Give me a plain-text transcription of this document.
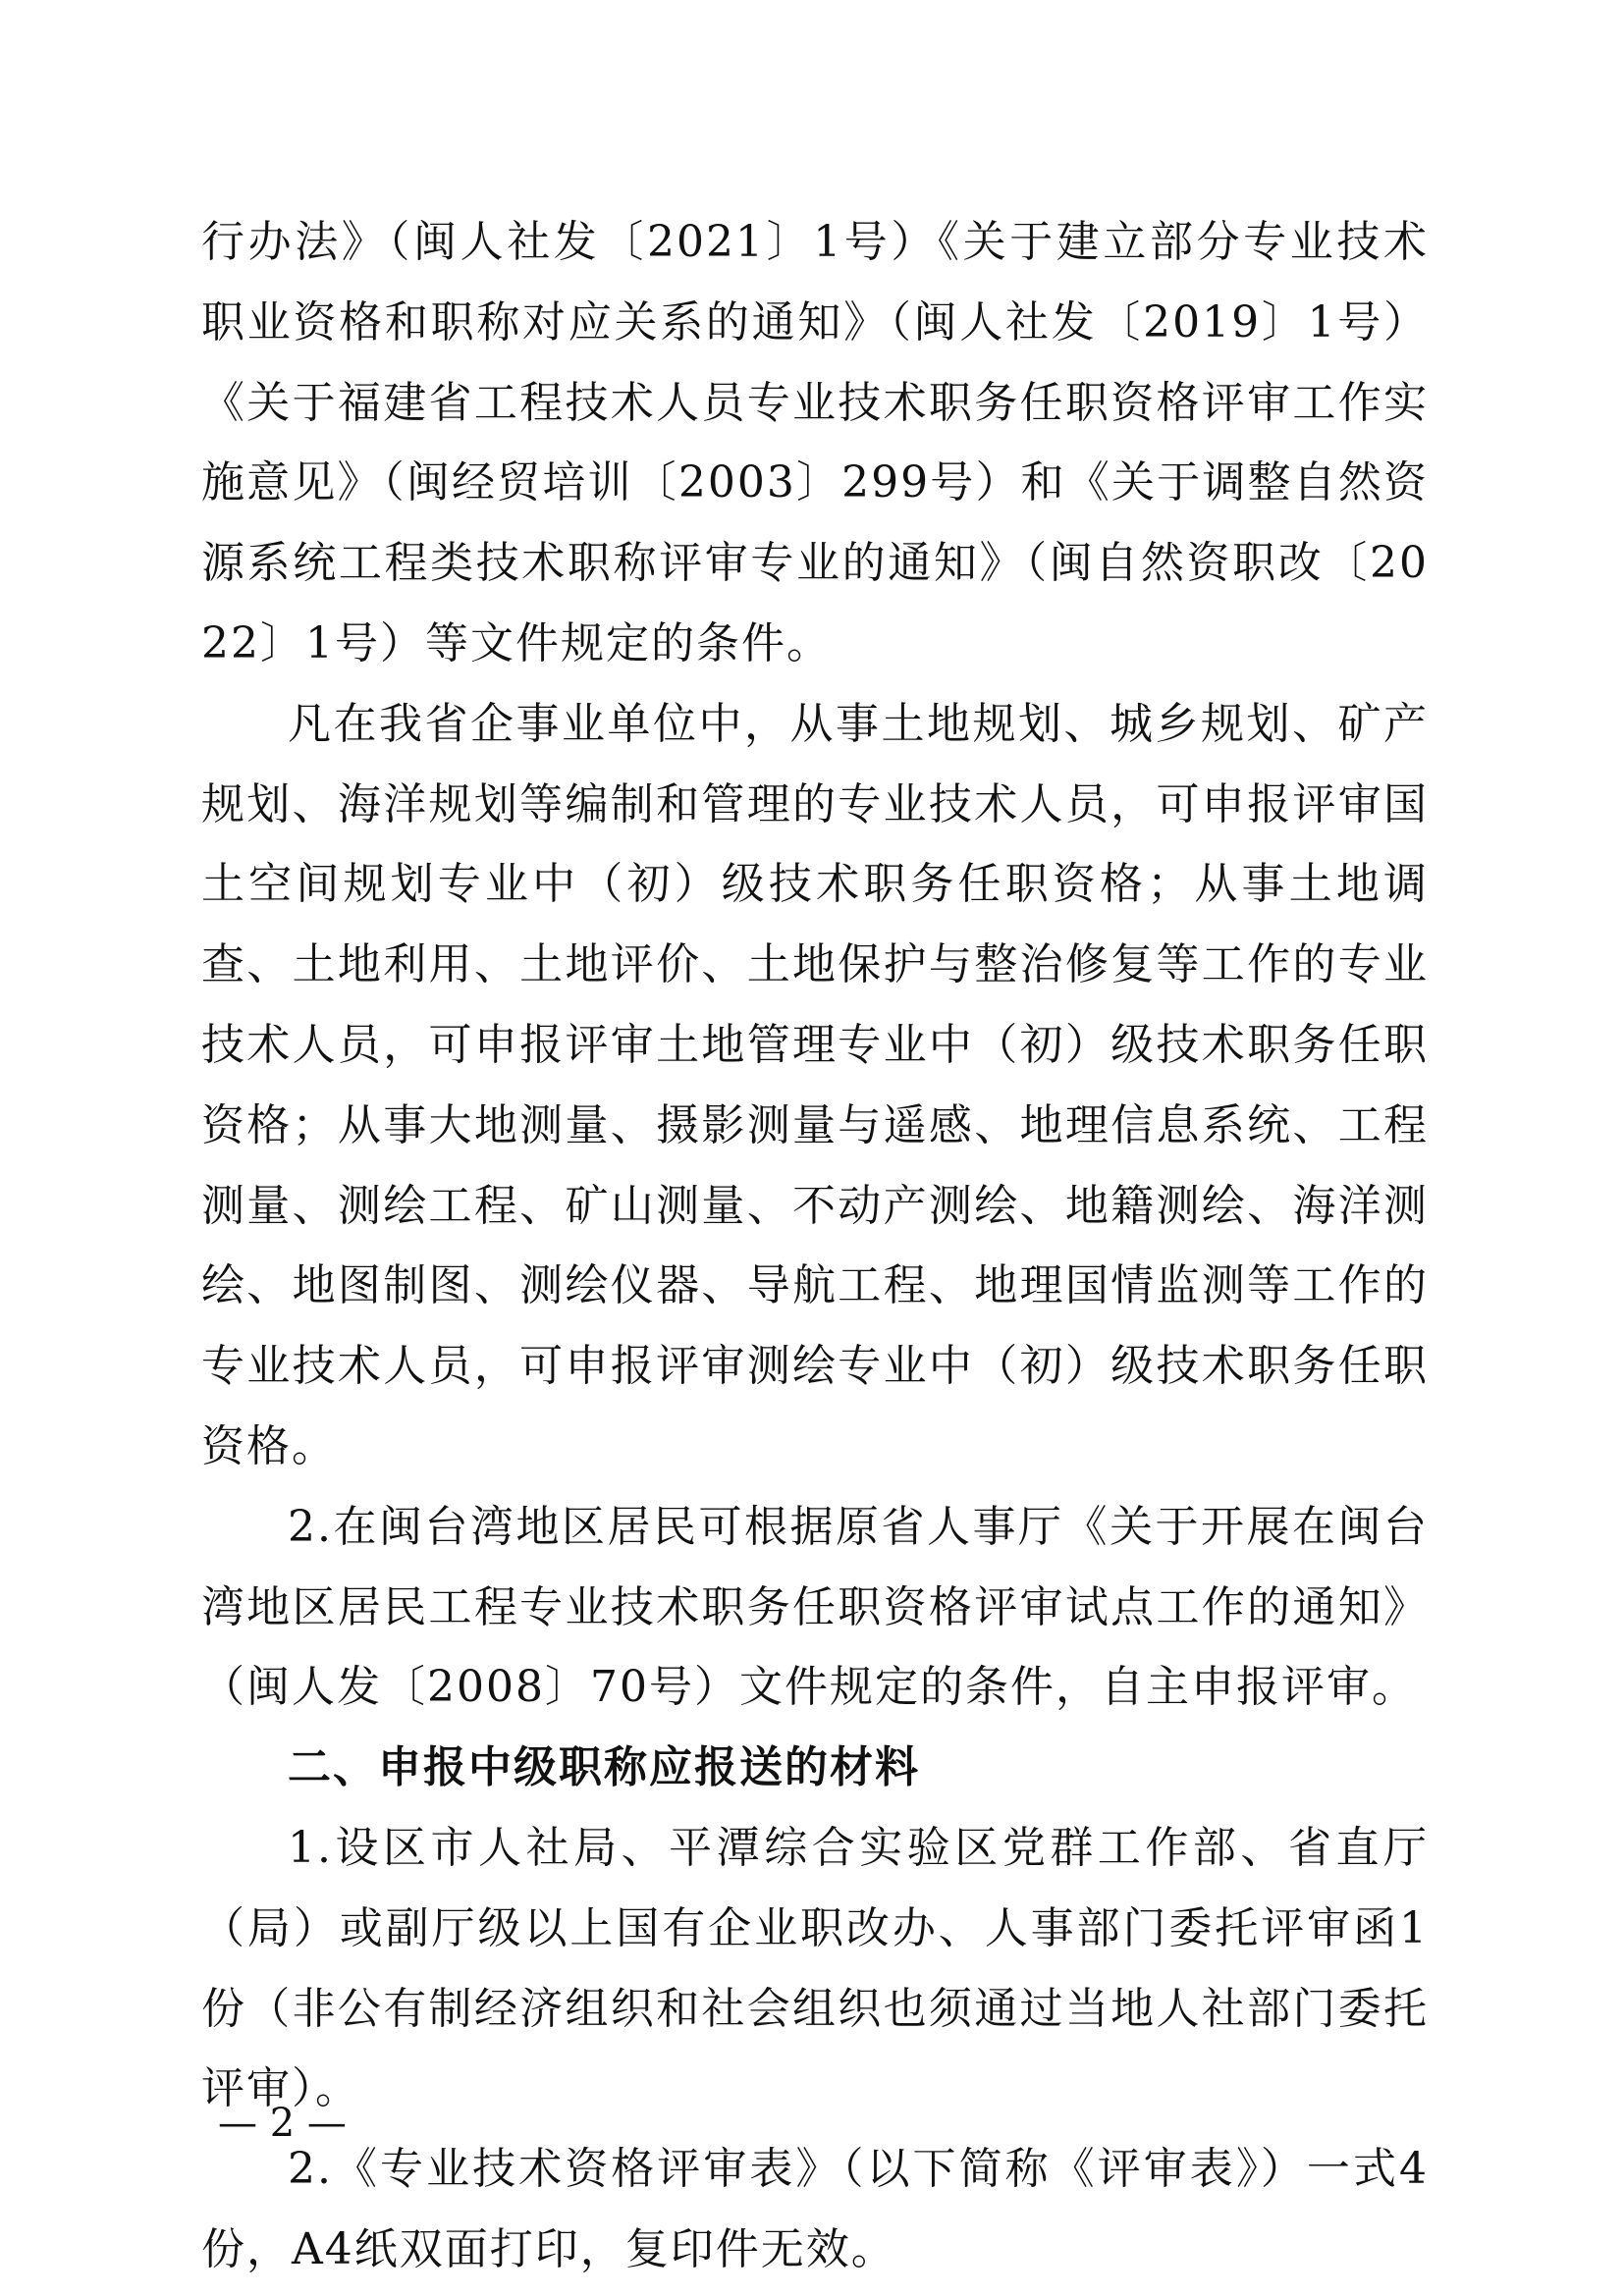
行办法》（闽人社发〔2021〕1号）《关于建立部分专业技术职业资格和职称对应关系的通知》（闽人社发〔2019〕1号）《关于福建省工程技术人员专业技术职务任职资格评审工作实施意见》（闽经贸培训〔2003〕299号）和《关于调整自然资源系统工程类技术职称评审专业的通知》（闽自然资职改〔2022〕1号）等文件规定的条件。

凡在我省企事业单位中，从事土地规划、城乡规划、矿产规划、海洋规划等编制和管理的专业技术人员，可申报评审国土空间规划专业中（初）级技术职务任职资格；从事土地调查、土地利用、土地评价、土地保护与整治修复等工作的专业技术人员，可申报评审土地管理专业中（初）级技术职务任职资格；从事大地测量、摄影测量与遥感、地理信息系统、工程测量、测绘工程、矿山测量、不动产测绘、地籍测绘、海洋测绘、地图制图、测绘仪器、导航工程、地理国情监测等工作的专业技术人员，可申报评审测绘专业中（初）级技术职务任职资格。

2.在闽台湾地区居民可根据原省人事厅《关于开展在闽台湾地区居民工程专业技术职务任职资格评审试点工作的通知》（闽人发〔2008〕70号）文件规定的条件，自主申报评审。

二、申报中级职称应报送的材料

1.设区市人社局、平潭综合实验区党群工作部、省直厅（局）或副厅级以上国有企业职改办、人事部门委托评审函1份（非公有制经济组织和社会组织也须通过当地人社部门委托评审）。

2.《专业技术资格评审表》（以下简称《评审表》）一式4份，A4纸双面打印，复印件无效。

— 2 —
